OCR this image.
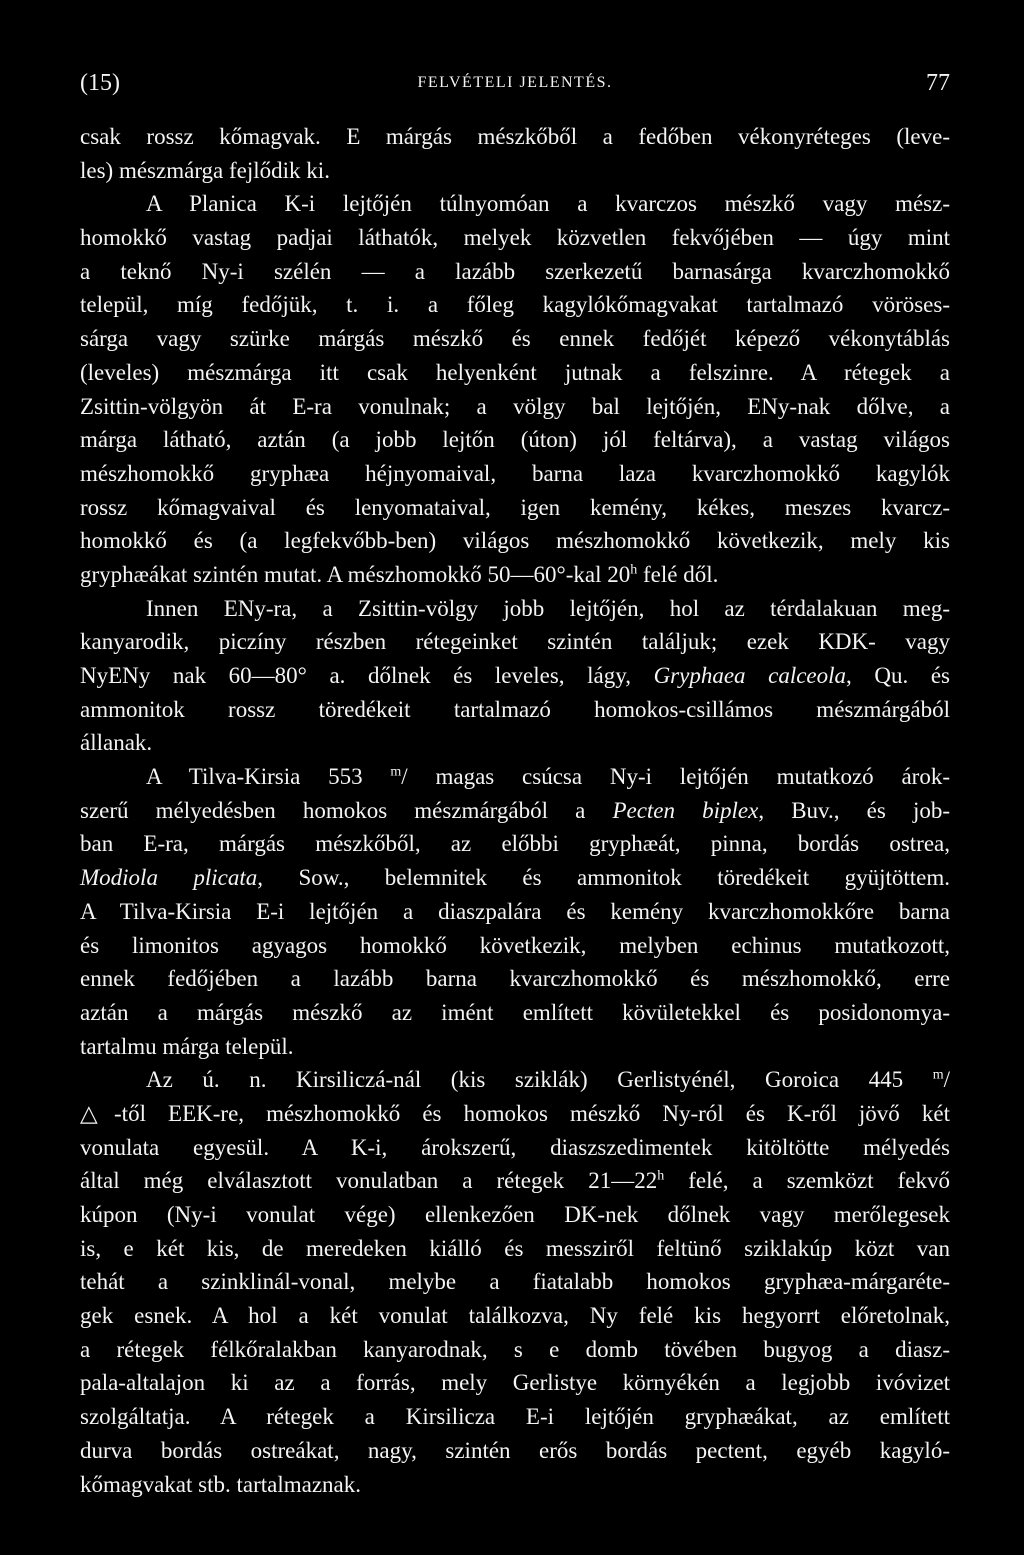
(15)	FELVÉTELI JELENTÉS.	77
csak rossz kőmagvak. E márgás mészkőből a fedőben vékonyréteges (leve-
les) mészmárga fejlődik ki.
A Planica K-i lejtőjén túlnyomóan a kvarczos mészkő vagy mész-
homokkő vastag padjai láthatók, melyek közvetlen fekvőjében — úgy mint
a teknő Ny-i szélén — a lazább szerkezetű barnasárga kvarczhomokkő
települ, míg fedőjük, t. i. a főleg kagylókőmagvakat tartalmazó vöröses-
sárga vagy szürke márgás mészkő és ennek fedőjét képező vékonytáblás
(leveles) mészmárga itt csak helyenként jutnak a felszinre. A rétegek a
Zsittin-völgyön át E-ra vonulnak; a völgy bal lejtőjén, ENy-nak dőlve, a
márga látható, aztán (a jobb lejtőn (úton) jól feltárva), a vastag világos
mészhomokkő gryphæa héjnyomaival, barna laza kvarczhomokkő kagylók
rossz kőmagvaival és lenyomataival, igen kemény, kékes, meszes kvarcz-
homokkő és (a legfekvőbb-ben) világos mészhomokkő következik, mely kis
gryphæákat szintén mutat. A mészhomokkő 50—60°-kal 20$^h$ felé dől.
Innen ENy-ra, a Zsittin-völgy jobb lejtőjén, hol az térdalakuan meg-
kanyarodik, piczíny részben rétegeinket szintén találjuk; ezek KDK- vagy
NyENy nak 60—80° a. dőlnek és leveles, lágy, Gryphaea calceola, Qu. és
ammonitok rossz töredékeit tartalmazó homokos-csillámos mészmárgából
állanak.
A Tilva-Kirsia 553 $^m$/ magas csúcsa Ny-i lejtőjén mutatkozó árok-
szerű mélyedésben homokos mészmárgából a Pecten biplex, Buv., és job-
ban E-ra, márgás mészkőből, az előbbi gryphæát, pinna, bordás ostrea,
Modiola plicata, Sow., belemnitek és ammonitok töredékeit gyüjtöttem.
A Tilva-Kirsia E-i lejtőjén a diaszpalára és kemény kvarczhomokkőre barna
és limonitos agyagos homokkő következik, melyben echinus mutatkozott,
ennek fedőjében a lazább barna kvarczhomokkő és mészhomokkő, erre
aztán a márgás mészkő az imént említett kövületekkel és posidonomya-
tartalmu márga települ.
Az ú. n. Kirsiliczá-nál (kis sziklák) Gerlistyénél, Goroica 445 $^m$/
△-től EEK-re, mészhomokkő és homokos mészkő Ny-ról és K-ről jövő két
vonulata egyesül. A K-i, árokszerű, diaszszedimentek kitöltötte mélyedés
által még elválasztott vonulatban a rétegek 21—22$^h$ felé, a szemközt fekvő
kúpon (Ny-i vonulat vége) ellenkezően DK-nek dőlnek vagy merőlegesek
is, e két kis, de meredeken kiálló és messziről feltünő sziklakúp közt van
tehát a szinklinál-vonal, melybe a fiatalabb homokos gryphæa-márgaréte-
gek esnek. A hol a két vonulat találkozva, Ny felé kis hegyorrt előretolnak,
a rétegek félkőralakban kanyarodnak, s e domb tövében bugyog a diasz-
pala-altalajon ki az a forrás, mely Gerlistye környékén a legjobb ivóvizet
szolgáltatja. A rétegek a Kirsilicza E-i lejtőjén gryphæákat, az említett
durva bordás ostreákat, nagy, szintén erős bordás pectent, egyéb kagyló-
kőmagvakat stb. tartalmaznak.
